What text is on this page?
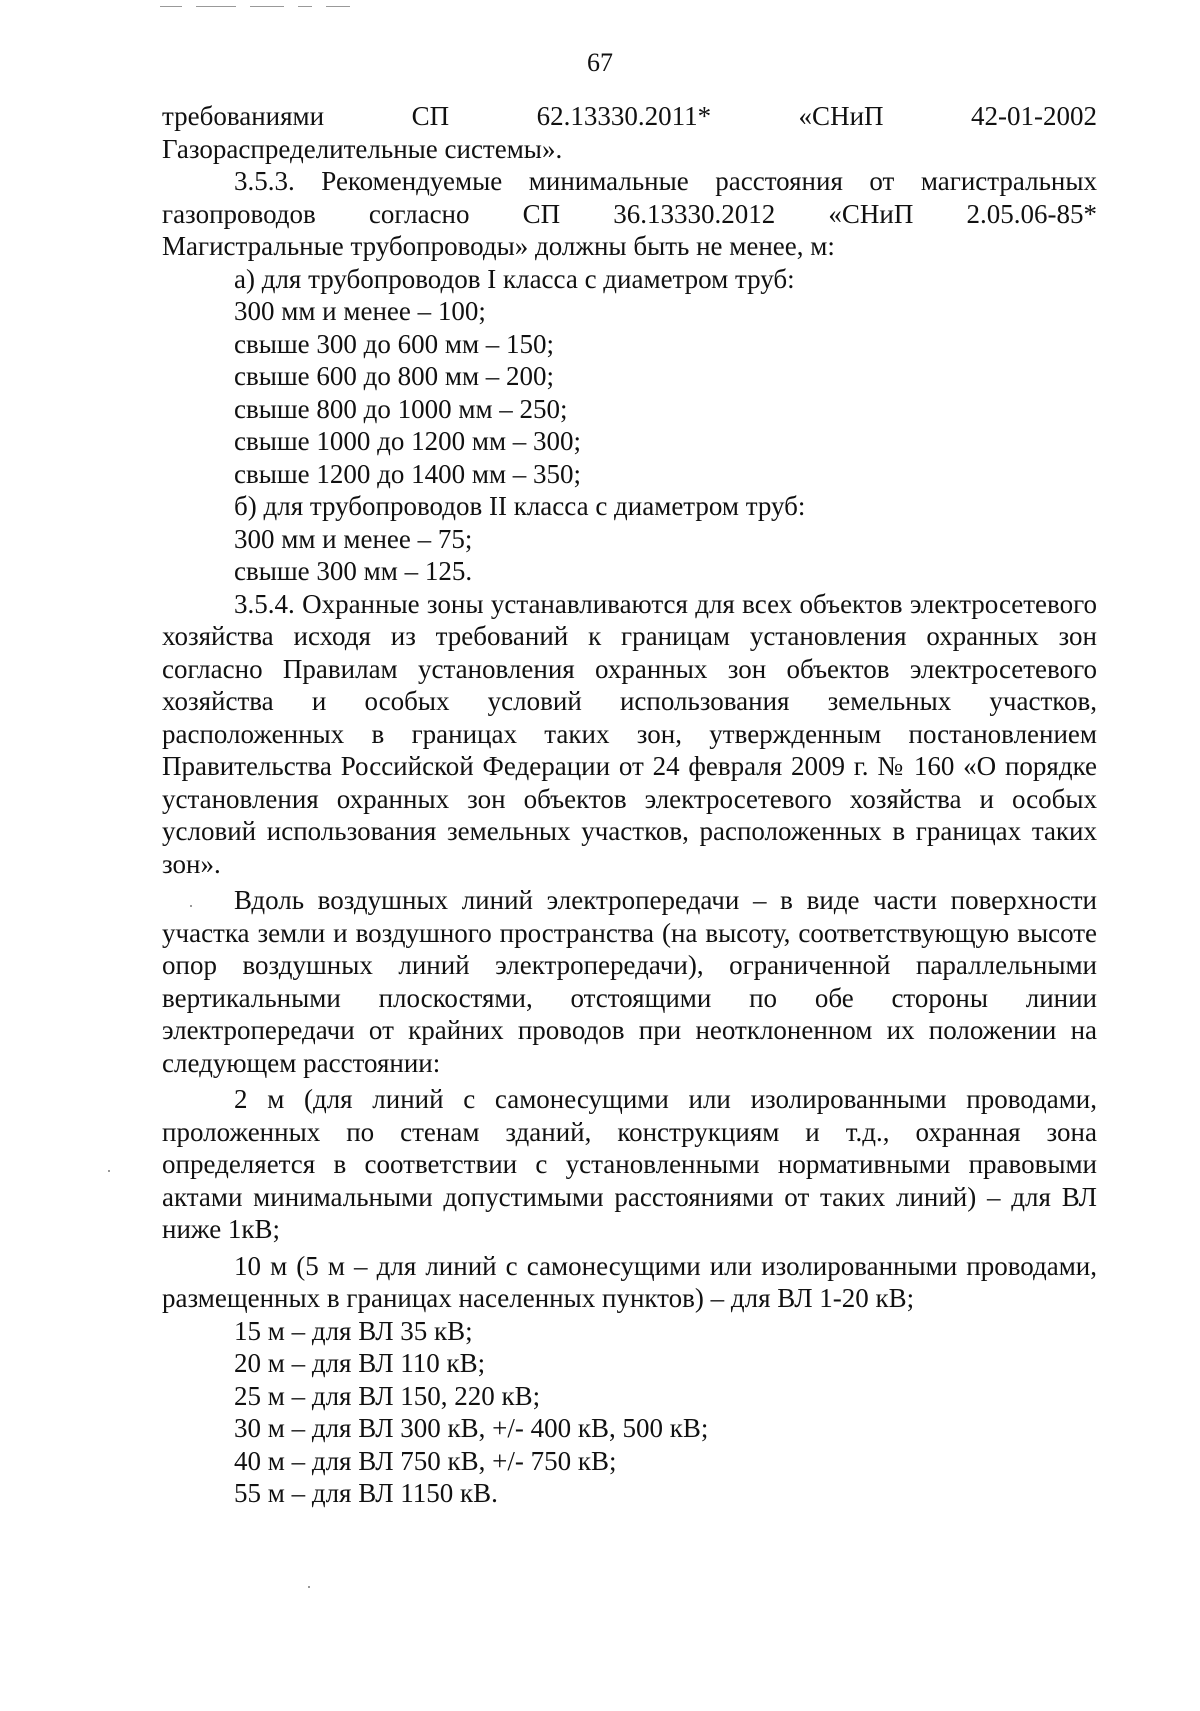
67

требованиями СП 62.13330.2011* «СНиП 42-01-2002

Газораспределительные системы».

3.5.3. Рекомендуемые минимальные расстояния от магистральных

газопроводов согласно СП 36.13330.2012 «СНиП 2.05.06-85*

Магистральные трубопроводы» должны быть не менее, м:

а) для трубопроводов I класса с диаметром труб:

300 мм и менее – 100;

свыше 300 до 600 мм – 150;

свыше 600 до 800 мм – 200;

свыше 800 до 1000 мм – 250;

свыше 1000 до 1200 мм – 300;

свыше 1200 до 1400 мм – 350;

б) для трубопроводов II класса с диаметром труб:

300 мм и менее – 75;

свыше 300 мм – 125.

3.5.4. Охранные зоны устанавливаются для всех объектов электросетевого хозяйства исходя из требований к границам установления охранных зон согласно Правилам установления охранных зон объектов электросетевого хозяйства и особых условий использования земельных участков, расположенных в границах таких зон, утвержденным постановлением Правительства Российской Федерации от 24 февраля 2009 г. № 160 «О порядке установления охранных зон объектов электросетевого хозяйства и особых условий использования земельных участков, расположенных в границах таких зон».

Вдоль воздушных линий электропередачи – в виде части поверхности участка земли и воздушного пространства (на высоту, соответствующую высоте опор воздушных линий электропередачи), ограниченной параллельными вертикальными плоскостями, отстоящими по обе стороны линии электропередачи от крайних проводов при неотклоненном их положении на следующем расстоянии:

2 м (для линий с самонесущими или изолированными проводами, проложенных по стенам зданий, конструкциям и т.д., охранная зона определяется в соответствии с установленными нормативными правовыми актами минимальными допустимыми расстояниями от таких линий) – для ВЛ ниже 1кВ;

10 м (5 м – для линий с самонесущими или изолированными проводами, размещенных в границах населенных пунктов) – для ВЛ 1-20 кВ;

15 м – для ВЛ 35 кВ;

20 м – для ВЛ 110 кВ;

25 м – для ВЛ 150, 220 кВ;

30 м – для ВЛ 300 кВ, +/- 400 кВ, 500 кВ;

40 м – для ВЛ 750 кВ, +/- 750 кВ;

55 м – для ВЛ 1150 кВ.
